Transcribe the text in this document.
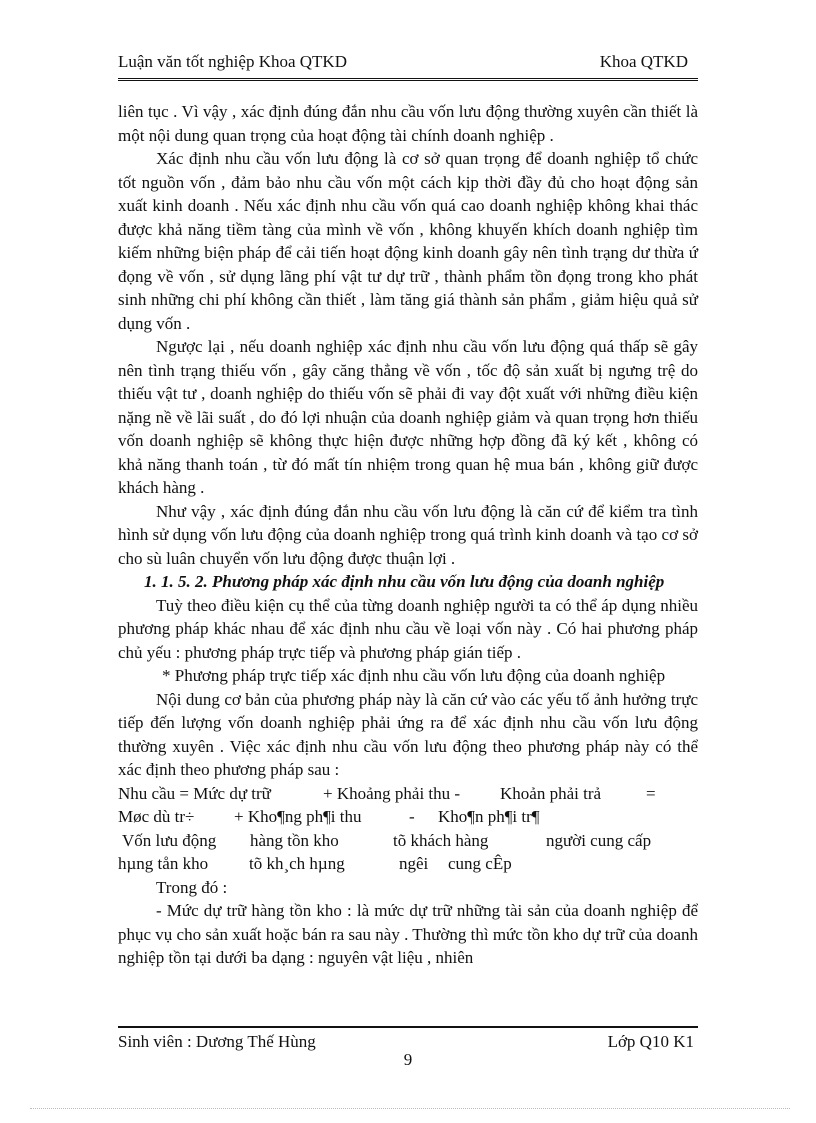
Luận văn tốt nghiệp Khoa QTKD	Khoa QTKD

liên tục . Vì vậy , xác định đúng đắn nhu cầu vốn lưu động thường xuyên cần thiết là một nội dung quan trọng của hoạt động tài chính doanh nghiệp .

Xác định nhu cầu vốn lưu động là cơ sở quan trọng để doanh nghiệp tổ chức tốt nguồn vốn , đảm bảo nhu cầu vốn một cách kịp thời đầy đủ cho hoạt động sản xuất kinh doanh . Nếu xác định nhu cầu vốn quá cao doanh nghiệp không khai thác được khả năng tiềm tàng của mình về vốn , không khuyến khích doanh nghiệp tìm kiếm những biện pháp để cải tiến hoạt động kinh doanh gây nên tình trạng dư thừa ứ đọng về vốn , sử dụng lãng phí vật tư dự trữ , thành phẩm tồn đọng trong kho phát sinh những chi phí không cần thiết , làm tăng giá thành sản phẩm , giảm hiệu quả sử dụng vốn .

Ngược lại , nếu doanh nghiệp xác định nhu cầu vốn lưu động quá thấp sẽ gây nên tình trạng thiếu vốn , gây căng thẳng về vốn , tốc độ sản xuất bị ngưng trệ do thiếu vật tư , doanh nghiệp do thiếu vốn sẽ phải đi vay đột xuất với những điều kiện nặng nề về lãi suất , do đó lợi nhuận của doanh nghiệp giảm và quan trọng hơn thiếu vốn doanh nghiệp sẽ không thực hiện được những hợp đồng đã ký kết , không có khả năng thanh toán , từ đó mất tín nhiệm trong quan hệ mua bán , không giữ được khách hàng .

Như vậy , xác định đúng đắn nhu cầu vốn lưu động là căn cứ để kiểm tra tình hình sử dụng vốn lưu động của doanh nghiệp trong quá trình kinh doanh và tạo cơ sở cho sù luân chuyển vốn lưu động được thuận lợi .

1. 1. 5. 2. Phương pháp xác định nhu cầu vốn lưu động của doanh nghiệp

Tuỳ theo điều kiện cụ thể của từng doanh nghiệp người ta có thể áp dụng nhiều phương pháp khác nhau để xác định nhu cầu về loại vốn này . Có hai phương pháp chủ yếu : phương pháp trực tiếp và phương pháp gián tiếp .

* Phương pháp trực tiếp xác định nhu cầu vốn lưu động của doanh nghiệp

Nội dung cơ bản của phương pháp này là căn cứ vào các yếu tố ảnh hưởng trực tiếp đến lượng vốn doanh nghiệp phải ứng ra để xác định nhu cầu vốn lưu động thường xuyên . Việc xác định nhu cầu vốn lưu động theo phương pháp này có thể xác định theo phương pháp sau :

Nhu cầu = Mức dự trữ	+ Khoảng phải thu - Khoản phải trả	=
Møc dù tr÷ + Kho¶ng ph¶i thu	- Kho¶n ph¶i tr¶
Vốn lưu động hàng tồn kho	tõ khách hàng	người cung cấp
hµng tån kho tõ kh¸ch hµng	ngêi cung cÊp

Trong đó :

- Mức dự trữ hàng tồn kho : là mức dự trữ những tài sản của doanh nghiệp để phục vụ cho sản xuất hoặc bán ra sau này . Thường thì mức tồn kho dự trữ của doanh nghiệp tồn tại dưới ba dạng : nguyên vật liệu , nhiên

Sinh viên : Dương Thế Hùng	Lớp Q10 K1
9
